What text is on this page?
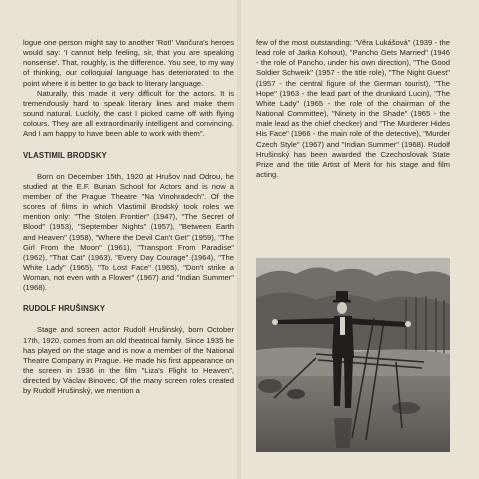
logue one person might say to another 'Rot!' Vančura's heroes would say: 'I cannot help feeling, sir, that you are speaking nonsense'. That, roughly, is the difference. You see, to my way of thinking, our colloquial language has deteriorated to the point where it is better to go back to literary language.

Naturally, this made it very difficult for the actors. It is tremendously hard to speak literary lines and make them sound natural. Luckily, the cast I picked came off with flying colours. They are all extraordinarily intelligent and convincing. And I am happy to have been able to work with them".

VLASTIMIL BRODSKY

Born on December 15th, 1920 at Hrušov nad Odrou, he studied at the E.F. Burian School for Actors and is now a member of the Prague Theatre "Na Vinohradech". Of the scores of films in which Vlastimil Brodský took roles we mention only: "The Stolen Frontier" (1947), "The Secret of Blood" (1953), "September Nights" (1957), "Between Earth and Heaven" (1958), "Where the Devil Can't Get" (1959), "The Girl From the Moon" (1961), "Transport From Paradise" (1962), "That Cat" (1963), "Every Day Courage" (1964), "The White Lady" (1965), "To Lost Face" (1965), "Don't strike a Woman, not even with a Flower" (1967) and "Indian Summer" (1968).

RUDOLF HRUŠINSKY

Stage and screen actor Rudolf Hrušinský, born October 17th, 1920, comes from an old theatrical family. Since 1935 he has played on the stage and is now a member of the National Theatre Company in Prague. He made his first appearance on the screen in 1936 in the film "Liza's Flight to Heaven", directed by Václav Binovec. Of the many screen roles created by Rudolf Hrušinský, we mention a

few of the most outstanding: "Věra Lukášová" (1939 - the lead role of Jarka Kohout), "Pancho Gets Married" (1946 - the role of Pancho, under his own direction), "The Good Soldier Schweik" (1957 - the title role), "The Night Guest" (1957 - the central figure of the German tourist), "The Hope" (1963 - the lead part of the drunkard Lucin), "The White Lady" (1965 - the role of the chairman of the National Committee), "Ninety in the Shade" (1965 - the male lead as the chief checker) and "The Murderer Hides His Face" (1966 - the main role of the detective), "Murder Czech Style" (1967) and "Indian Summer" (1968). Rudolf Hrušinský has been awarded the Czechoslovak State Prize and the title Artist of Merit for his stage and film acting.
